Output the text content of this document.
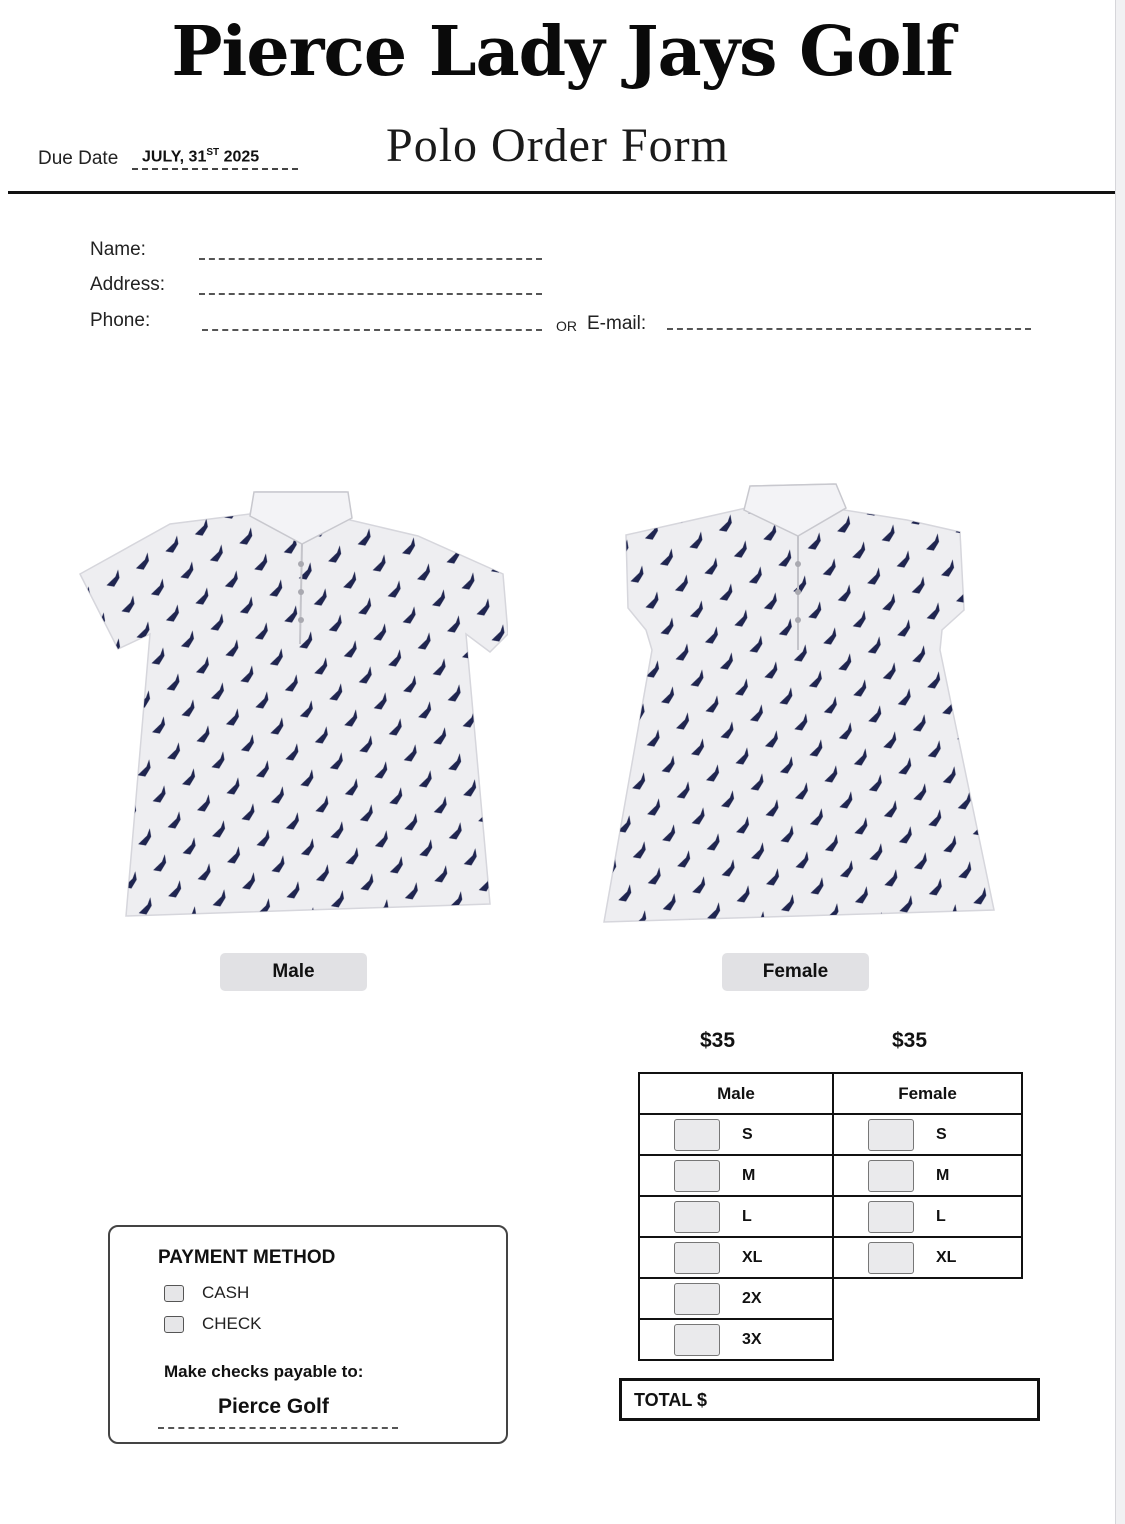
Pierce Lady Jays Golf
Polo Order Form
Due Date	JULY, 31ST 2025
Name:
Address:
Phone:	OR E-mail:
Male	Female
$35	$35
Male	Female

S	S

M	M

L	L

XL	XL

2X	

3X	

TOTAL $
PAYMENT METHOD
CASH
CHECK
Make checks payable to:
Pierce Golf
